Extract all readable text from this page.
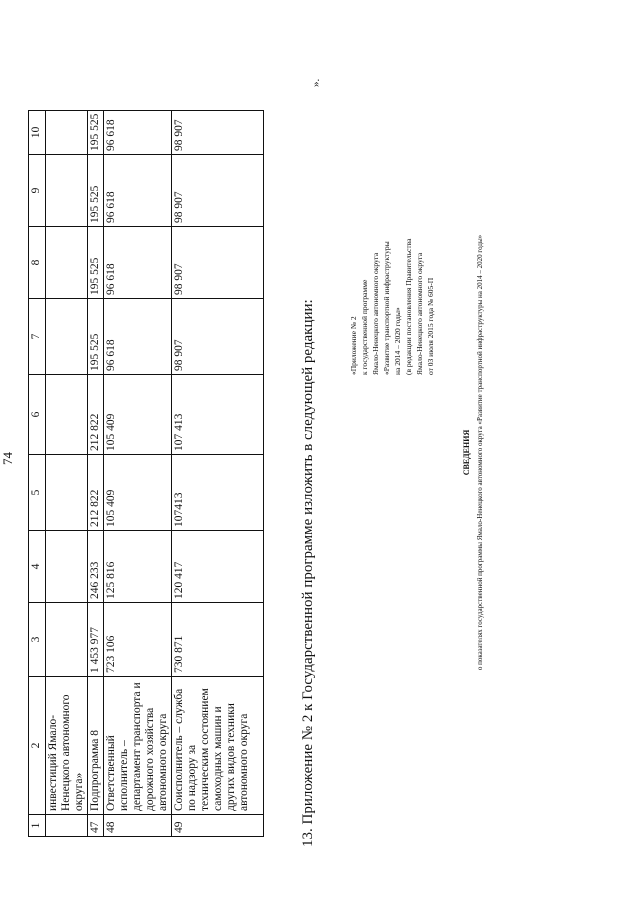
74
1	2	3	4	5	6	7	8	9	10
	инвестиций Ямало-Ненецкого автономного округа»								
47	Подпрограмма 8	1 453 977	246 233	212 822	212 822	195 525	195 525	195 525	195 525
48	Ответственный исполнитель – департамент транспорта и дорожного хозяйства автономного округа	723 106	125 816	105 409	105 409	96 618	96 618	96 618	96 618
49	Соисполнитель – служба по надзору за техническим состоянием самоходных машин и других видов техники автономного округа	730 871	120 417	107413	107 413	98 907	98 907	98 907	98 907
».
13. Приложение № 2 к Государственной программе изложить в следующей редакции:	«Приложение № 2 к государственной программе Ямало-Ненецкого автономного округа «Развитие транспортной инфраструктуры на 2014 – 2020 годы» (в редакции постановления Правительства Ямало-Ненецкого автономного округа от 03 июля 2015 года № 605-П
СВЕДЕНИЯ о показателях государственной программы Ямало-Ненецкого автономного округа «Развитие транспортной инфраструктуры на 2014 – 2020 годы»
